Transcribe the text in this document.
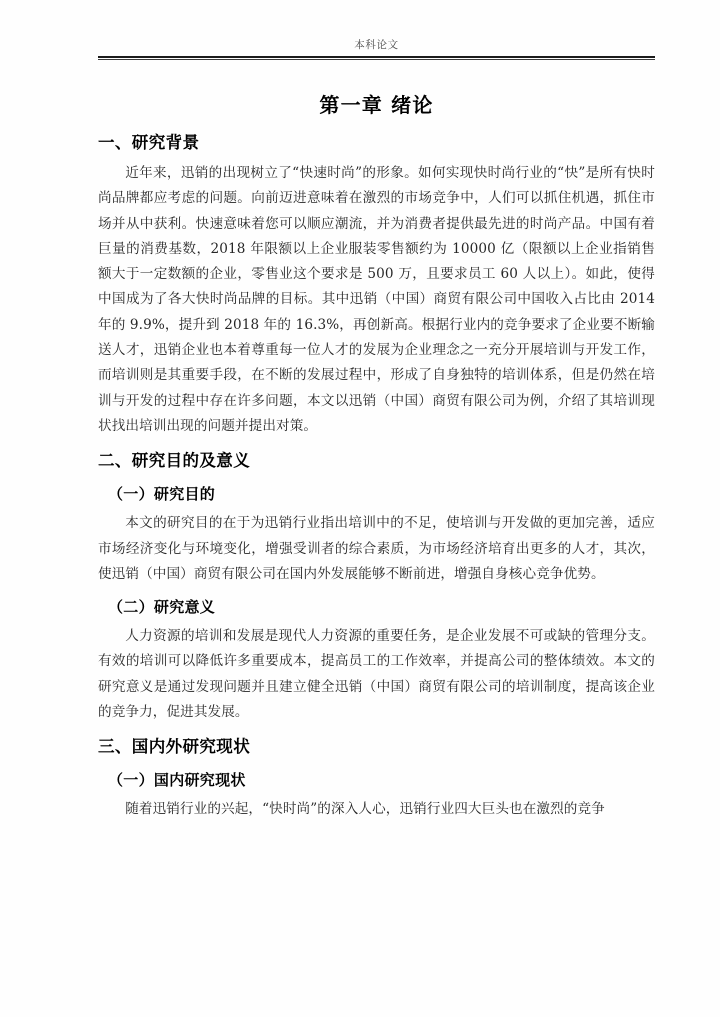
本科论文
第一章 绪论
一、研究背景

近年来，迅销的出现树立了“快速时尚”的形象。如何实现快时尚行业的“快”是所有快时尚品牌都应考虑的问题。向前迈进意味着在激烈的市场竞争中，人们可以抓住机遇，抓住市场并从中获利。快速意味着您可以顺应潮流，并为消费者提供最先进的时尚产品。中国有着巨量的消费基数，2018 年限额以上企业服装零售额约为 10000 亿（限额以上企业指销售额大于一定数额的企业，零售业这个要求是 500 万，且要求员工 60 人以上）。如此，使得中国成为了各大快时尚品牌的目标。其中迅销（中国）商贸有限公司中国收入占比由 2014 年的 9.9%，提升到 2018 年的 16.3%，再创新高。根据行业内的竞争要求了企业要不断输送人才，迅销企业也本着尊重每一位人才的发展为企业理念之一充分开展培训与开发工作，而培训则是其重要手段，在不断的发展过程中，形成了自身独特的培训体系，但是仍然在培训与开发的过程中存在许多问题，本文以迅销（中国）商贸有限公司为例，介绍了其培训现状找出培训出现的问题并提出对策。

二、研究目的及意义
（一）研究目的

本文的研究目的在于为迅销行业指出培训中的不足，使培训与开发做的更加完善，适应市场经济变化与环境变化，增强受训者的综合素质，为市场经济培育出更多的人才，其次，使迅销（中国）商贸有限公司在国内外发展能够不断前进，增强自身核心竞争优势。

（二）研究意义

人力资源的培训和发展是现代人力资源的重要任务，是企业发展不可或缺的管理分支。有效的培训可以降低许多重要成本，提高员工的工作效率，并提高公司的整体绩效。本文的研究意义是通过发现问题并且建立健全迅销（中国）商贸有限公司的培训制度，提高该企业的竞争力，促进其发展。

三、国内外研究现状
（一）国内研究现状

随着迅销行业的兴起，“快时尚”的深入人心，迅销行业四大巨头也在激烈的竞争
